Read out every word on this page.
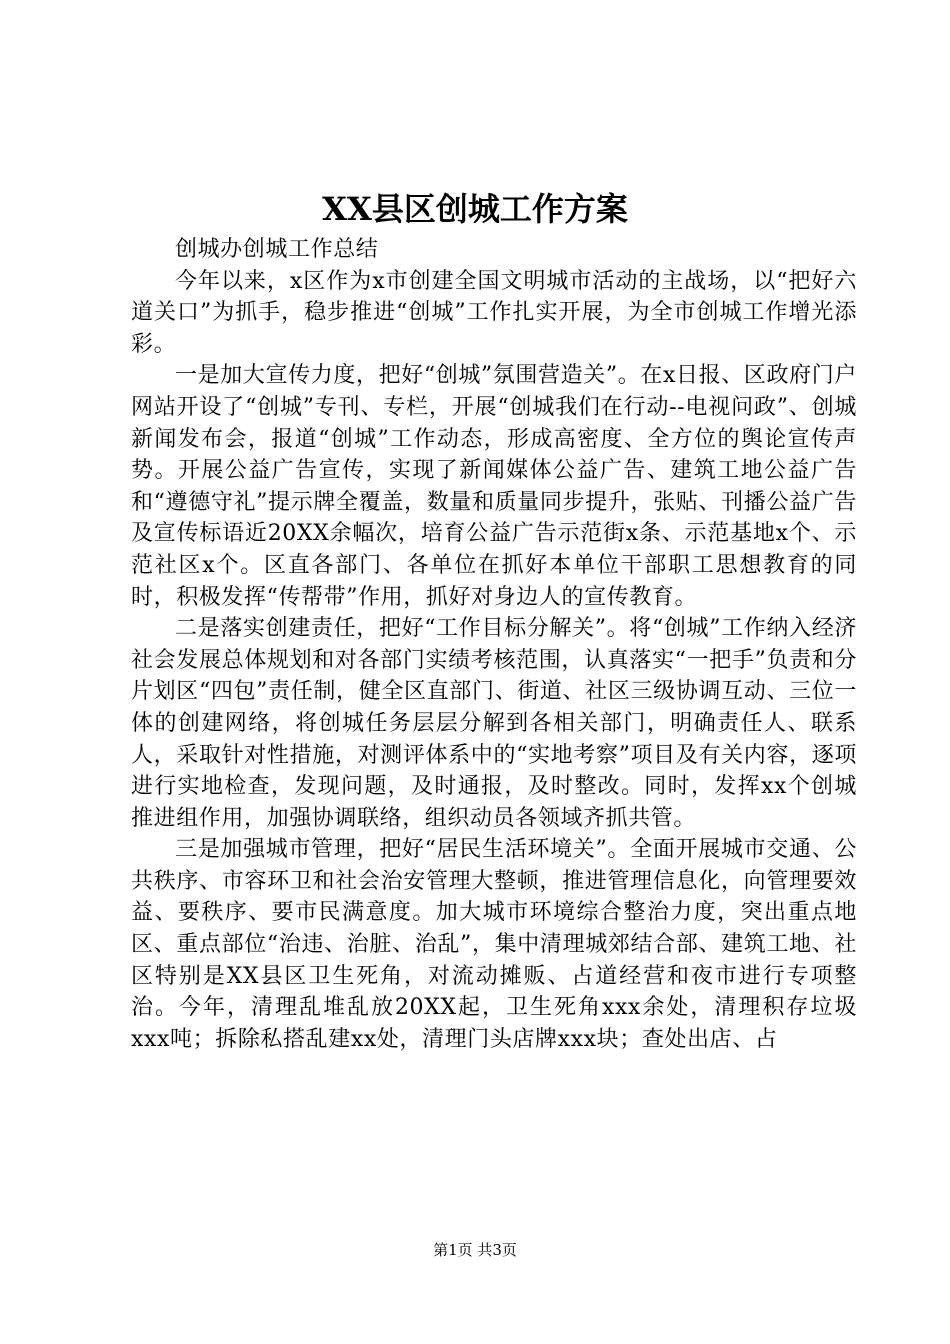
XX县区创城工作方案

创城办创城工作总结

今年以来，x区作为x市创建全国文明城市活动的主战场，以“把好六道关口”为抓手，稳步推进“创城”工作扎实开展，为全市创城工作增光添彩。

一是加大宣传力度，把好“创城”氛围营造关”。在x日报、区政府门户网站开设了“创城”专刊、专栏，开展“创城我们在行动--电视问政”、创城新闻发布会，报道“创城”工作动态，形成高密度、全方位的舆论宣传声势。开展公益广告宣传，实现了新闻媒体公益广告、建筑工地公益广告和“遵德守礼”提示牌全覆盖，数量和质量同步提升，张贴、刊播公益广告及宣传标语近20XX余幅次，培育公益广告示范街x条、示范基地x个、示范社区x个。区直各部门、各单位在抓好本单位干部职工思想教育的同时，积极发挥“传帮带”作用，抓好对身边人的宣传教育。

二是落实创建责任，把好“工作目标分解关”。将“创城”工作纳入经济社会发展总体规划和对各部门实绩考核范围，认真落实“一把手”负责和分片划区“四包”责任制，健全区直部门、街道、社区三级协调互动、三位一体的创建网络，将创城任务层层分解到各相关部门，明确责任人、联系人，采取针对性措施，对测评体系中的“实地考察”项目及有关内容，逐项进行实地检查，发现问题，及时通报，及时整改。同时，发挥xx个创城推进组作用，加强协调联络，组织动员各领域齐抓共管。

三是加强城市管理，把好“居民生活环境关”。全面开展城市交通、公共秩序、市容环卫和社会治安管理大整顿，推进管理信息化，向管理要效益、要秩序、要市民满意度。加大城市环境综合整治力度，突出重点地区、重点部位“治违、治脏、治乱”，集中清理城郊结合部、建筑工地、社区特别是XX县区卫生死角，对流动摊贩、占道经营和夜市进行专项整治。今年，清理乱堆乱放20XX起，卫生死角xxx余处，清理积存垃圾xxx吨；拆除私搭乱建xx处，清理门头店牌xxx块；查处出店、占

第1页 共3页
